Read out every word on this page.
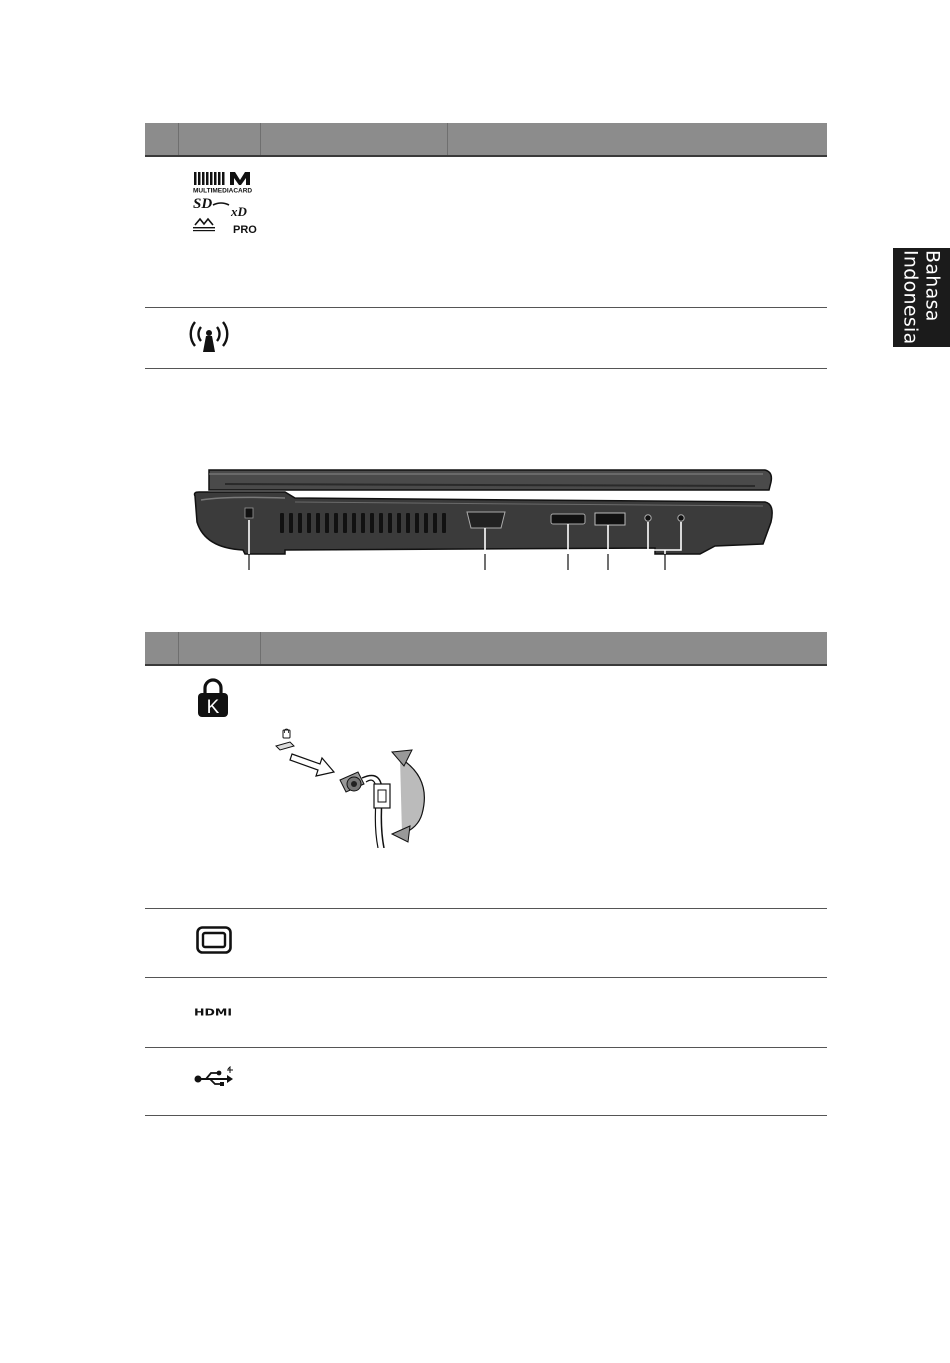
Bahasa
Indonesia
MULTIMEDIACARD
SD xD
PRO
K
HDMI
